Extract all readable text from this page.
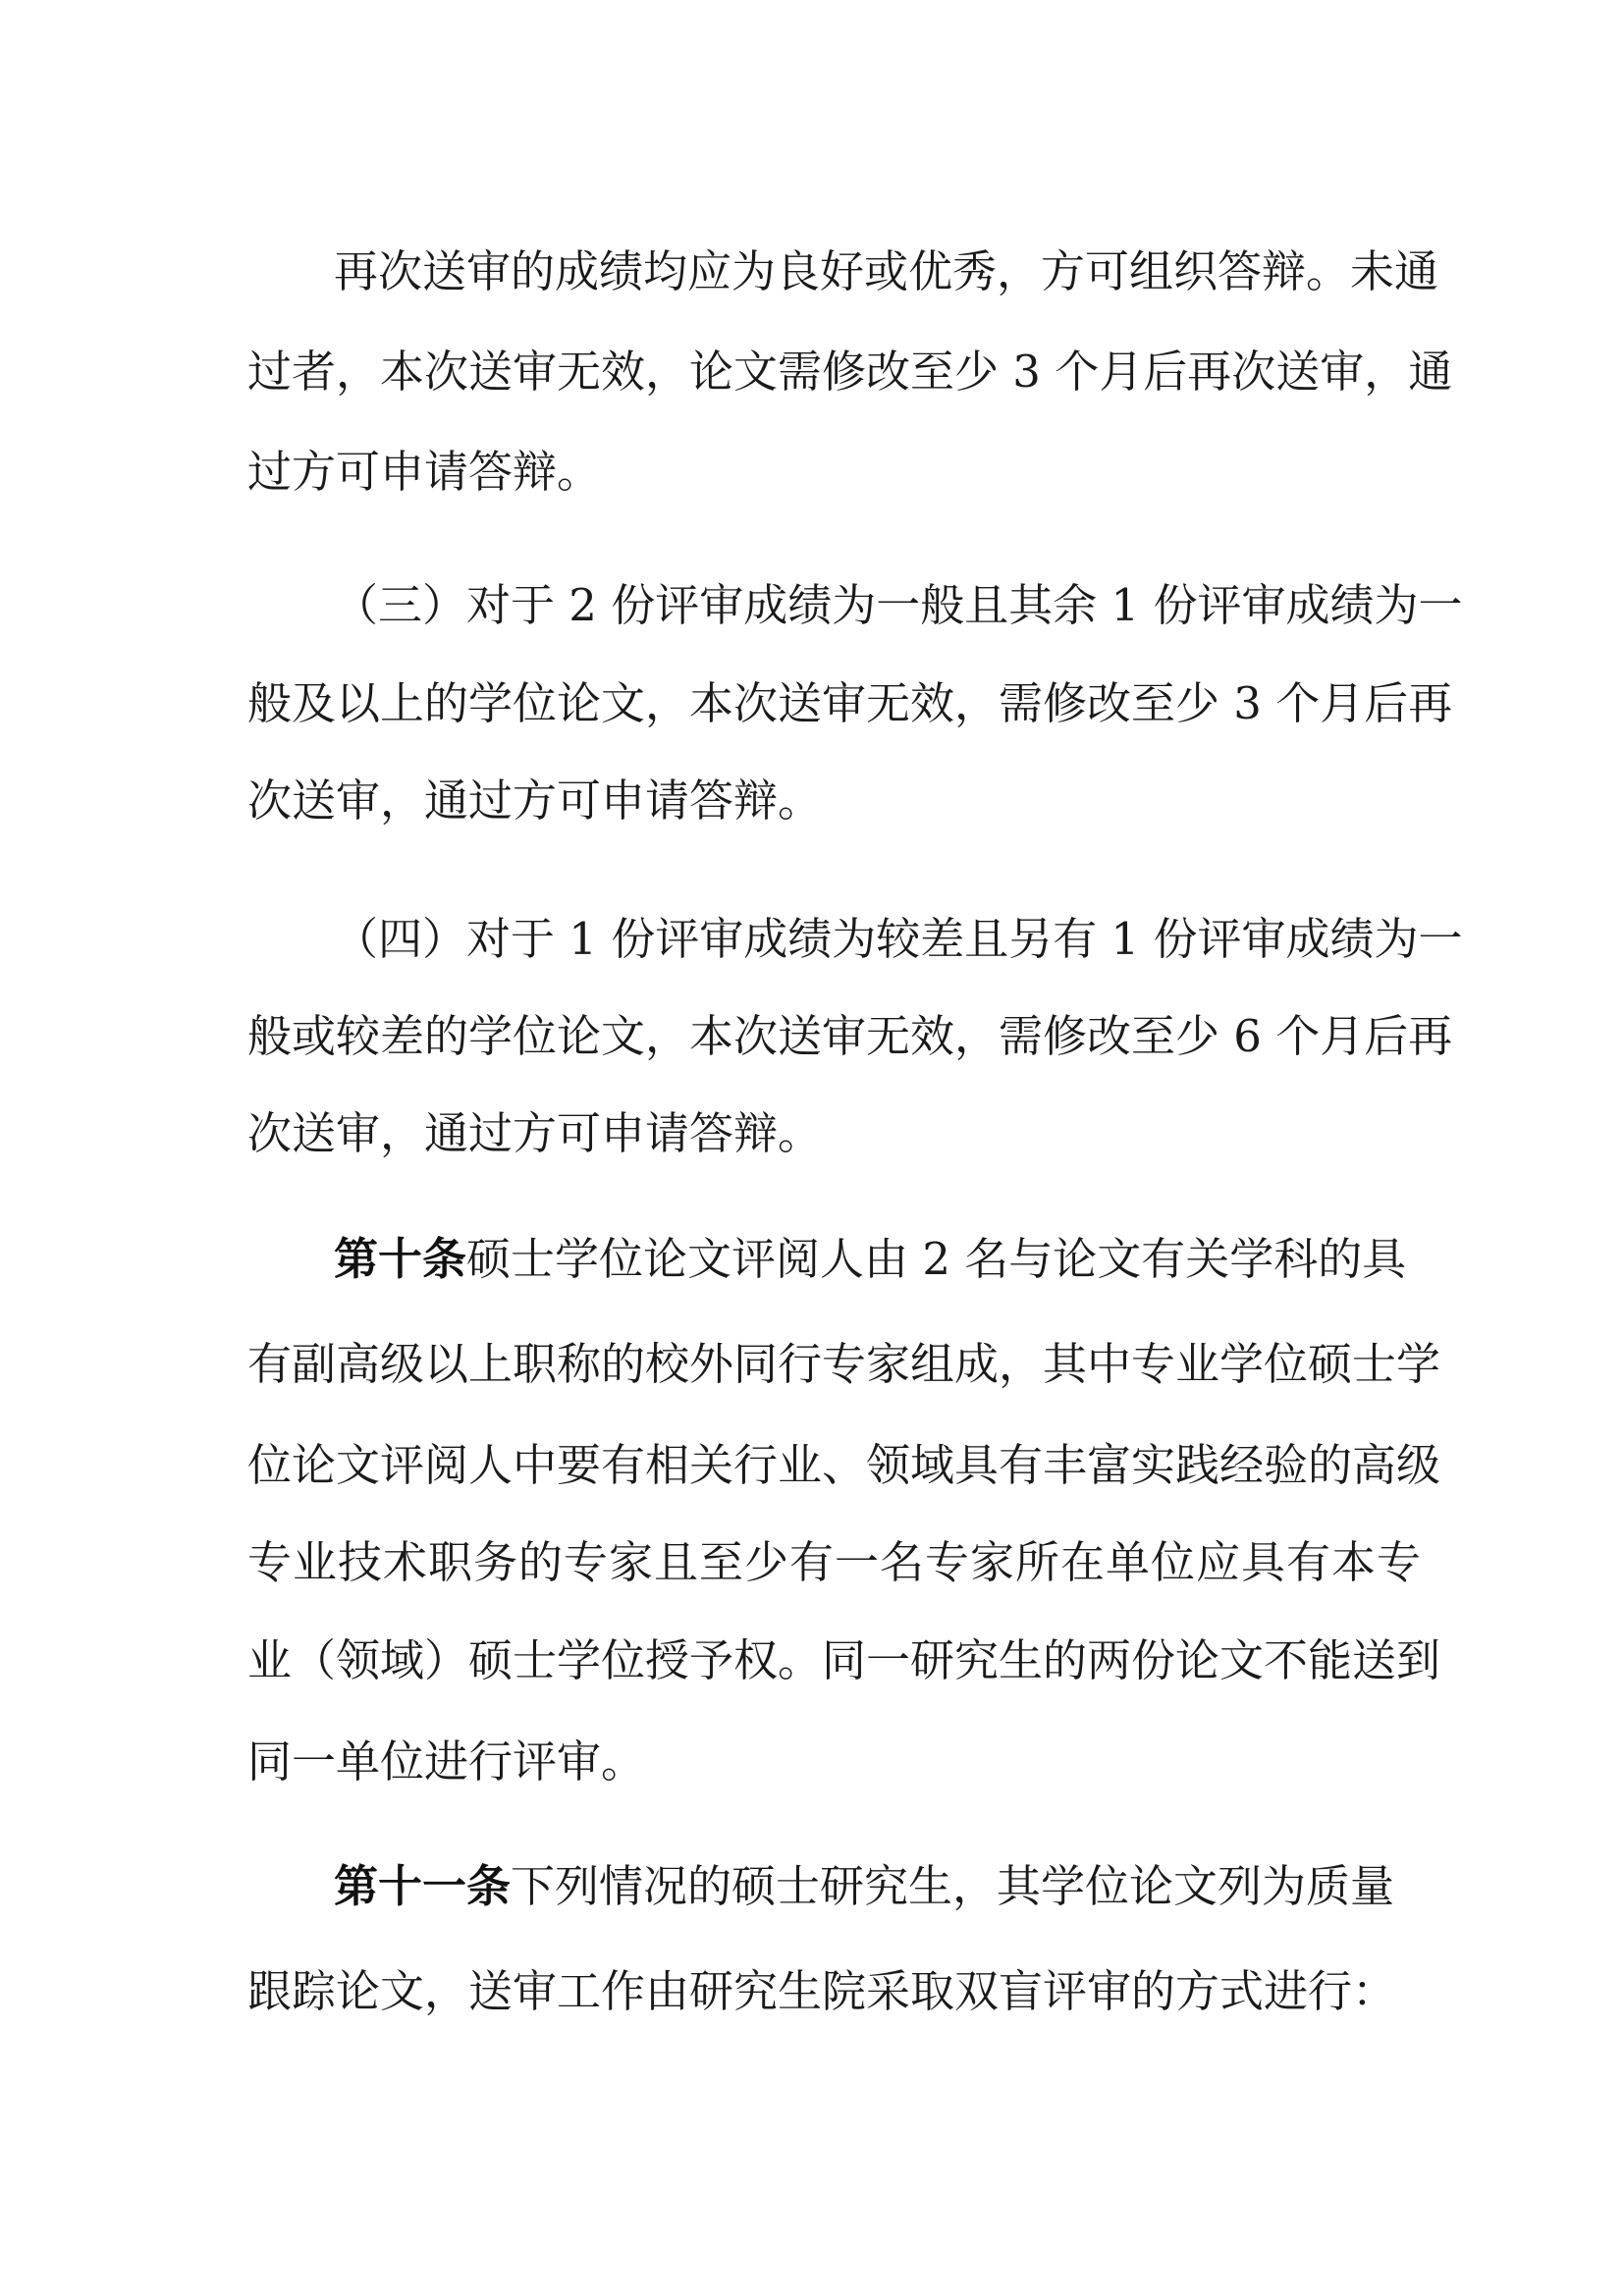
再次送审的成绩均应为良好或优秀，方可组织答辩。未通
过者，本次送审无效，论文需修改至少 3 个月后再次送审，通
过方可申请答辩。
（三）对于 2 份评审成绩为一般且其余 1 份评审成绩为一
般及以上的学位论文，本次送审无效，需修改至少 3 个月后再
次送审，通过方可申请答辩。
（四）对于 1 份评审成绩为较差且另有 1 份评审成绩为一
般或较差的学位论文，本次送审无效，需修改至少 6 个月后再
次送审，通过方可申请答辩。
第十条 硕士学位论文评阅人由 2 名与论文有关学科的具
有副高级以上职称的校外同行专家组成，其中专业学位硕士学
位论文评阅人中要有相关行业、领域具有丰富实践经验的高级
专业技术职务的专家且至少有一名专家所在单位应具有本专
业（领域）硕士学位授予权。同一研究生的两份论文不能送到
同一单位进行评审。
第十一条 下列情况的硕士研究生，其学位论文列为质量
跟踪论文，送审工作由研究生院采取双盲评审的方式进行：
